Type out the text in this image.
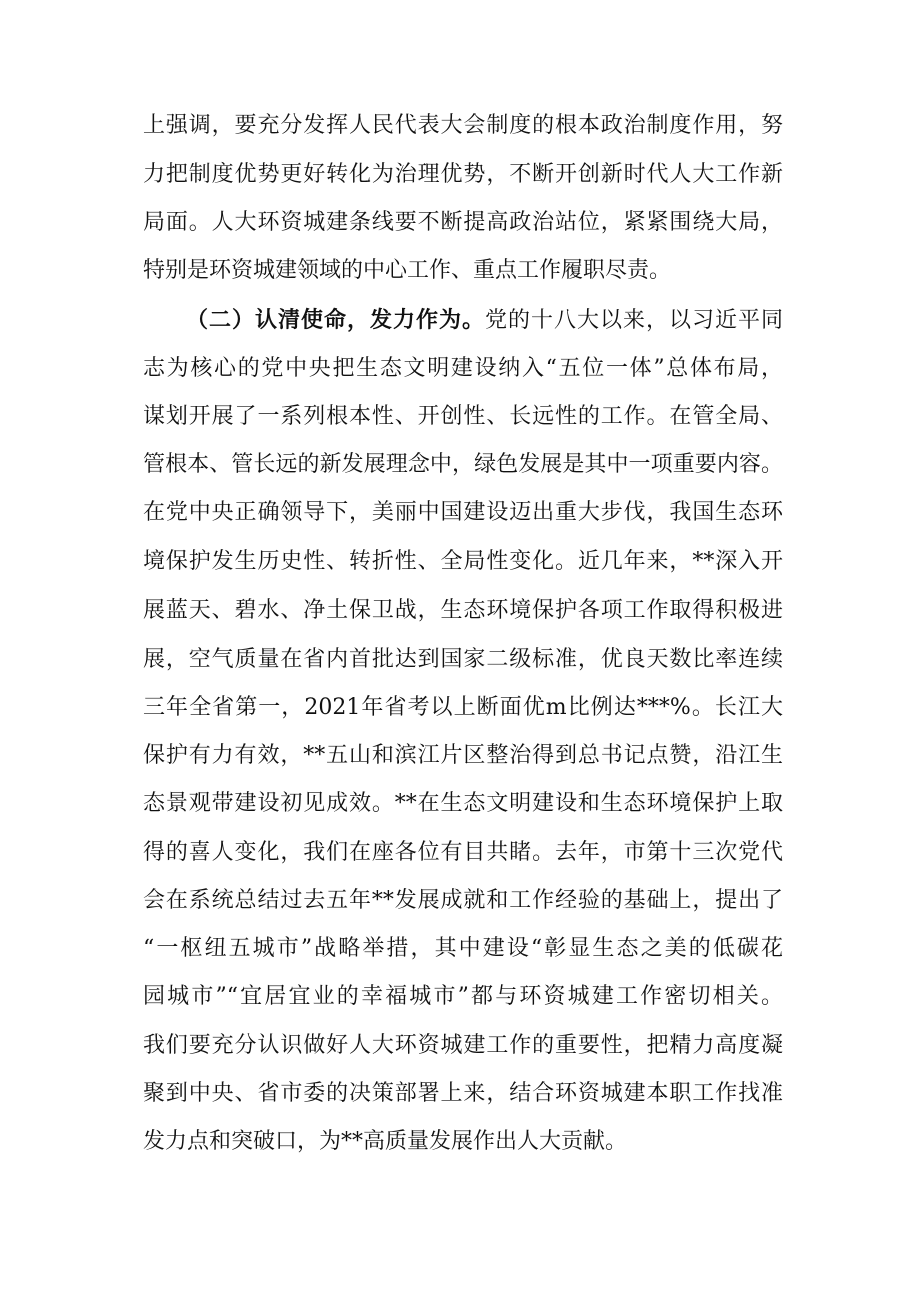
上强调，要充分发挥人民代表大会制度的根本政治制度作用，努
力把制度优势更好转化为治理优势，不断开创新时代人大工作新
局面。人大环资城建条线要不断提高政治站位，紧紧围绕大局，
特别是环资城建领域的中心工作、重点工作履职尽责。
（二）认清使命，发力作为。党的十八大以来，以习近平同
志为核心的党中央把生态文明建设纳入“五位一体”总体布局，
谋划开展了一系列根本性、开创性、长远性的工作。在管全局、
管根本、管长远的新发展理念中，绿色发展是其中一项重要内容。
在党中央正确领导下，美丽中国建设迈出重大步伐，我国生态环
境保护发生历史性、转折性、全局性变化。近几年来，**深入开
展蓝天、碧水、净土保卫战，生态环境保护各项工作取得积极进
展，空气质量在省内首批达到国家二级标准，优良天数比率连续
三年全省第一，2021年省考以上断面优m比例达***%。长江大
保护有力有效，**五山和滨江片区整治得到总书记点赞，沿江生
态景观带建设初见成效。**在生态文明建设和生态环境保护上取
得的喜人变化，我们在座各位有目共睹。去年，市第十三次党代
会在系统总结过去五年**发展成就和工作经验的基础上，提出了
“一枢纽五城市”战略举措，其中建设“彰显生态之美的低碳花
园城市”“宜居宜业的幸福城市”都与环资城建工作密切相关。
我们要充分认识做好人大环资城建工作的重要性，把精力高度凝
聚到中央、省市委的决策部署上来，结合环资城建本职工作找准
发力点和突破口，为**高质量发展作出人大贡献。
